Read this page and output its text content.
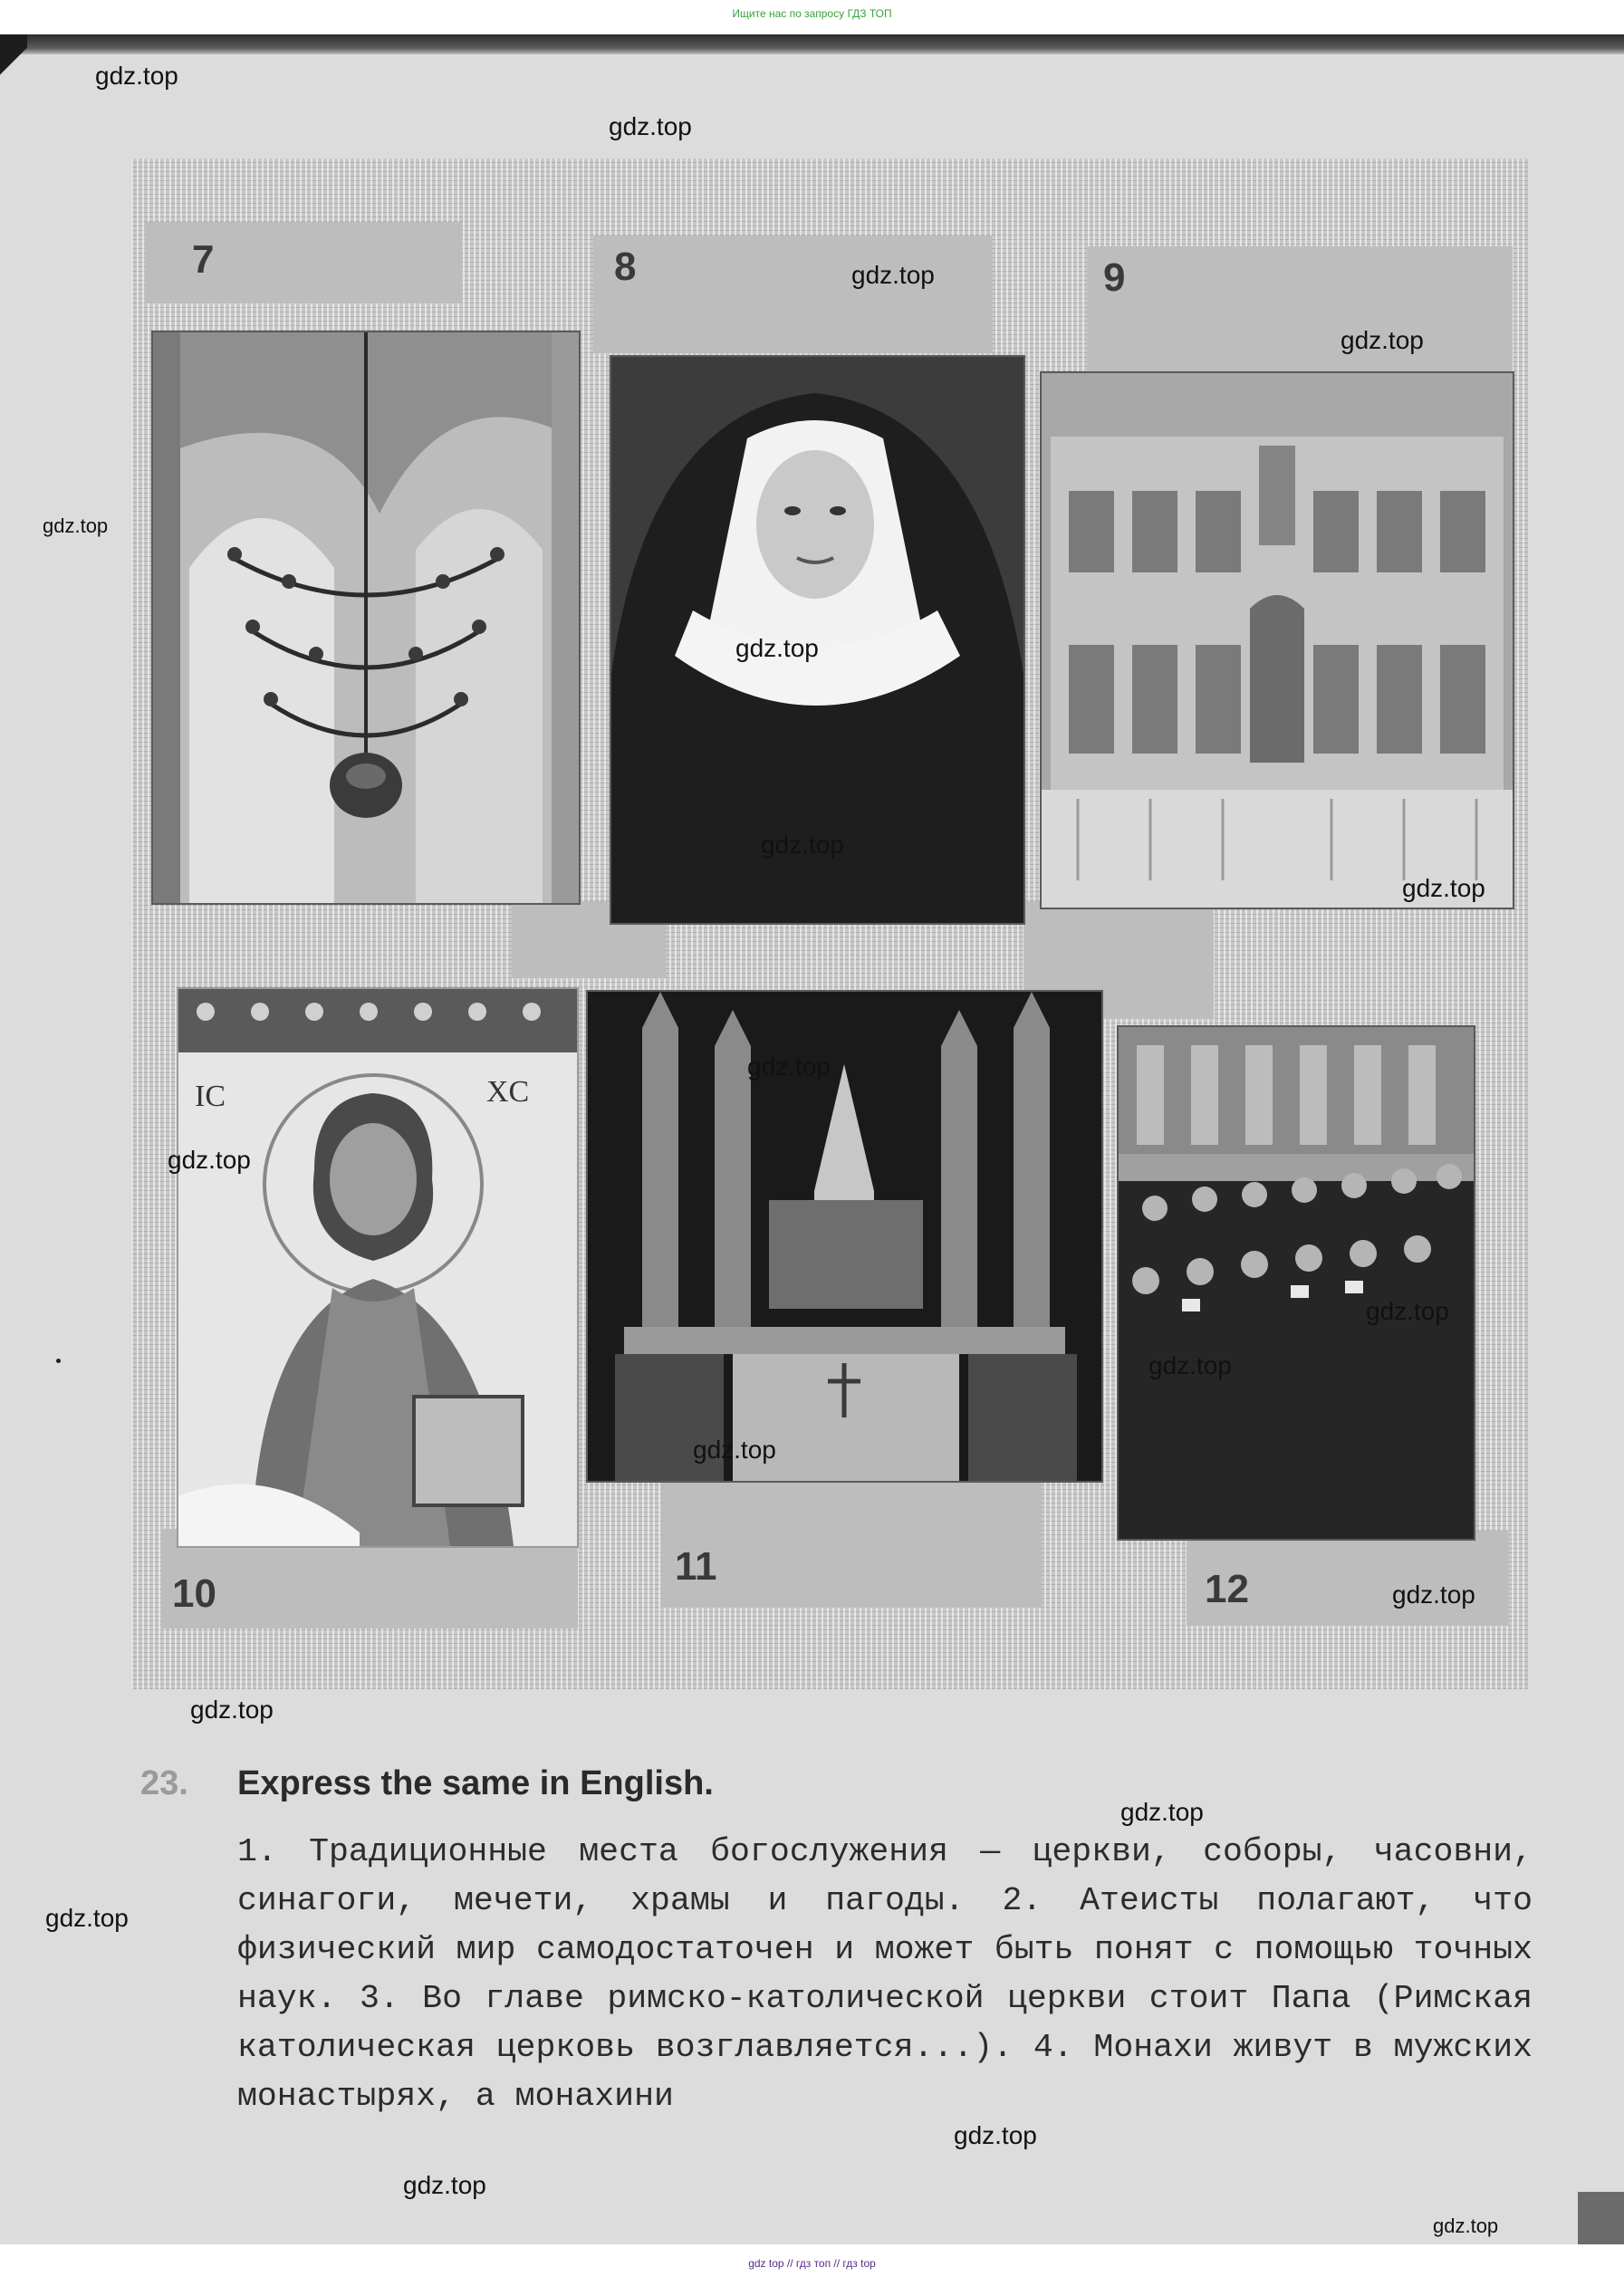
Ищите нас по запросу ГДЗ ТОП
7	8	9
10
11
12
IC	XC
23. Express the same in English.
1. Традиционные места богослужения — церкви, соборы, часовни, синагоги, мечети, храмы и пагоды. 2. Атеисты полагают, что физический мир самодостаточен и может быть понят с помощью точных наук. 3. Во главе римско-католической церкви стоит Папа (Римская католическая церковь возглавляется...). 4. Монахи живут в мужских монастырях, а монахини
gdz.top
gdz.top
gdz.top
gdz.top
gdz.top
gdz.top
gdz.top
gdz.top
gdz.top
gdz.top
gdz.top
gdz.top
gdz.top
gdz.top
gdz.top
gdz.top
gdz.top
gdz.top
gdz.top
gdz.top
gdz top // гдз топ // гдз top
